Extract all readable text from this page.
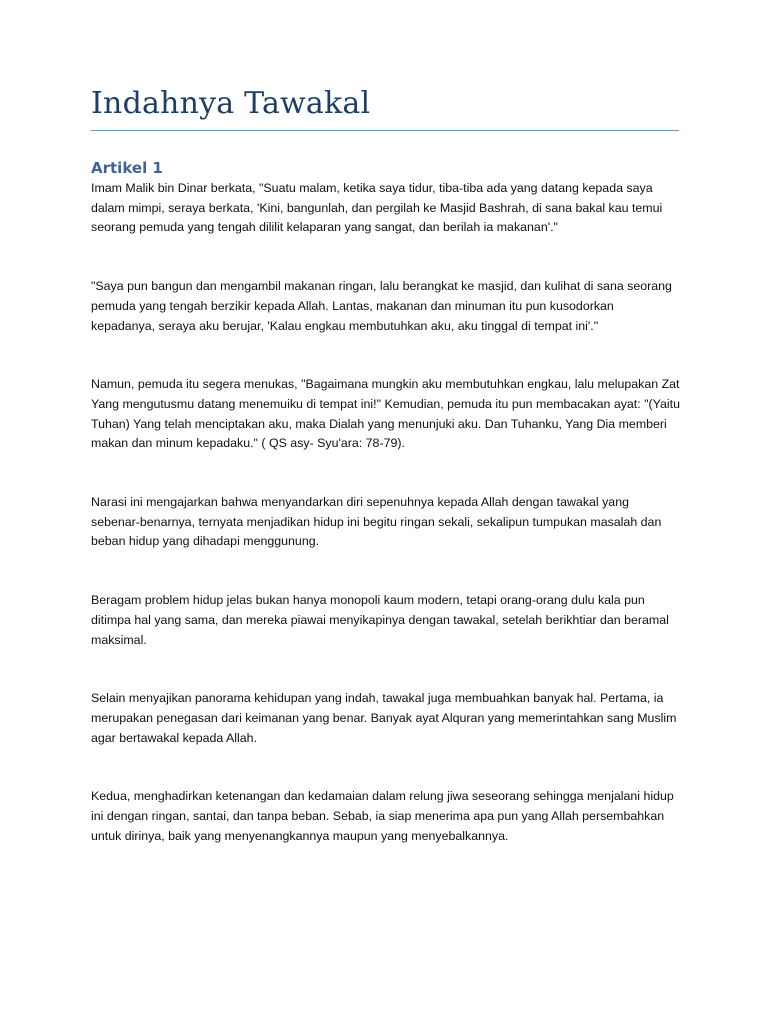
Indahnya Tawakal
Artikel 1

Imam Malik bin Dinar berkata, "Suatu malam, ketika saya tidur, tiba-tiba ada yang datang kepada saya dalam mimpi, seraya berkata, 'Kini, bangunlah, dan pergilah ke Masjid Bashrah, di sana bakal kau temui seorang pemuda yang tengah dililit kelaparan yang sangat, dan berilah ia makanan'."

"Saya pun bangun dan mengambil makanan ringan, lalu berangkat ke masjid, dan kulihat di sana seorang pemuda yang tengah berzikir kepada Allah. Lantas, makanan dan minuman itu pun kusodorkan kepadanya, seraya aku berujar, 'Kalau engkau membutuhkan aku, aku tinggal di tempat ini'."

Namun, pemuda itu segera menukas, "Bagaimana mungkin aku membutuhkan engkau, lalu melupakan Zat Yang mengutusmu datang menemuiku di tempat ini!" Kemudian, pemuda itu pun membacakan ayat: "(Yaitu Tuhan) Yang telah menciptakan aku, maka Dialah yang menunjuki aku. Dan Tuhanku, Yang Dia memberi makan dan minum kepadaku." ( QS asy- Syu'ara: 78-79).

Narasi ini mengajarkan bahwa menyandarkan diri sepenuhnya kepada Allah dengan tawakal yang sebenar-benarnya, ternyata menjadikan hidup ini begitu ringan sekali, sekalipun tumpukan masalah dan beban hidup yang dihadapi menggunung.

Beragam problem hidup jelas bukan hanya monopoli kaum modern, tetapi orang-orang dulu kala pun ditimpa hal yang sama, dan mereka piawai menyikapinya dengan tawakal, setelah berikhtiar dan beramal maksimal.

Selain menyajikan panorama kehidupan yang indah, tawakal juga membuahkan banyak hal. Pertama, ia merupakan penegasan dari keimanan yang benar. Banyak ayat Alquran yang memerintahkan sang Muslim agar bertawakal kepada Allah.

Kedua, menghadirkan ketenangan dan kedamaian dalam relung jiwa seseorang sehingga menjalani hidup ini dengan ringan, santai, dan tanpa beban. Sebab, ia siap menerima apa pun yang Allah persembahkan untuk dirinya, baik yang menyenangkannya maupun yang menyebalkannya.
